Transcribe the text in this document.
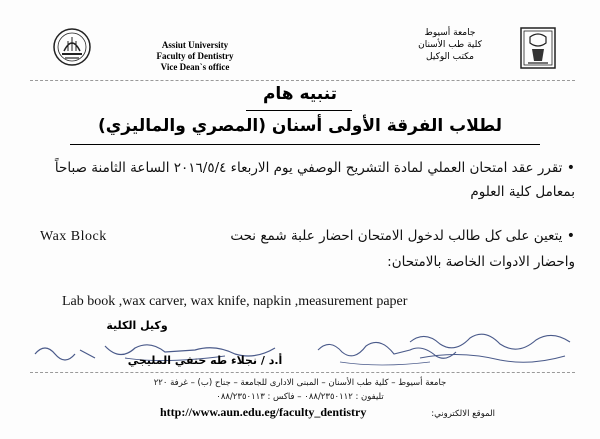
Assiut University
Faculty of Dentistry
Vice Dean`s office
جامعة أسيوط
كلية طب الأسنان
مكتب الوكيل
تنبيه هام
لطلاب الفرقة الأولى أسنان (المصري والماليزي)
• تقرر عقد امتحان العملي لمادة التشريح الوصفي يوم الاربعاء ٢٠١٦/٥/٤ الساعة الثامنة صباحاً بمعامل كلية العلوم
• يتعين على كل طالب لدخول الامتحان احضار علبة شمع نحت
Wax Block
واحضار الادوات الخاصة بالامتحان:
Lab book ,wax carver, wax knife, napkin ,measurement paper
وكيل الكلية
أ.د / نجلاء طه حنفي المليجي
جامعة أسيوط – كلية طب الأسنان – المبنى الادارى للجامعة – جناح (ب) – غرفة ٢٢٠
تليفون : ٠٨٨/٢٣٥٠١١٢ – فاكس : ٠٨٨/٢٣٥٠١١٣
الموقع الالكتروني:
http://www.aun.edu.eg/faculty_dentistry
